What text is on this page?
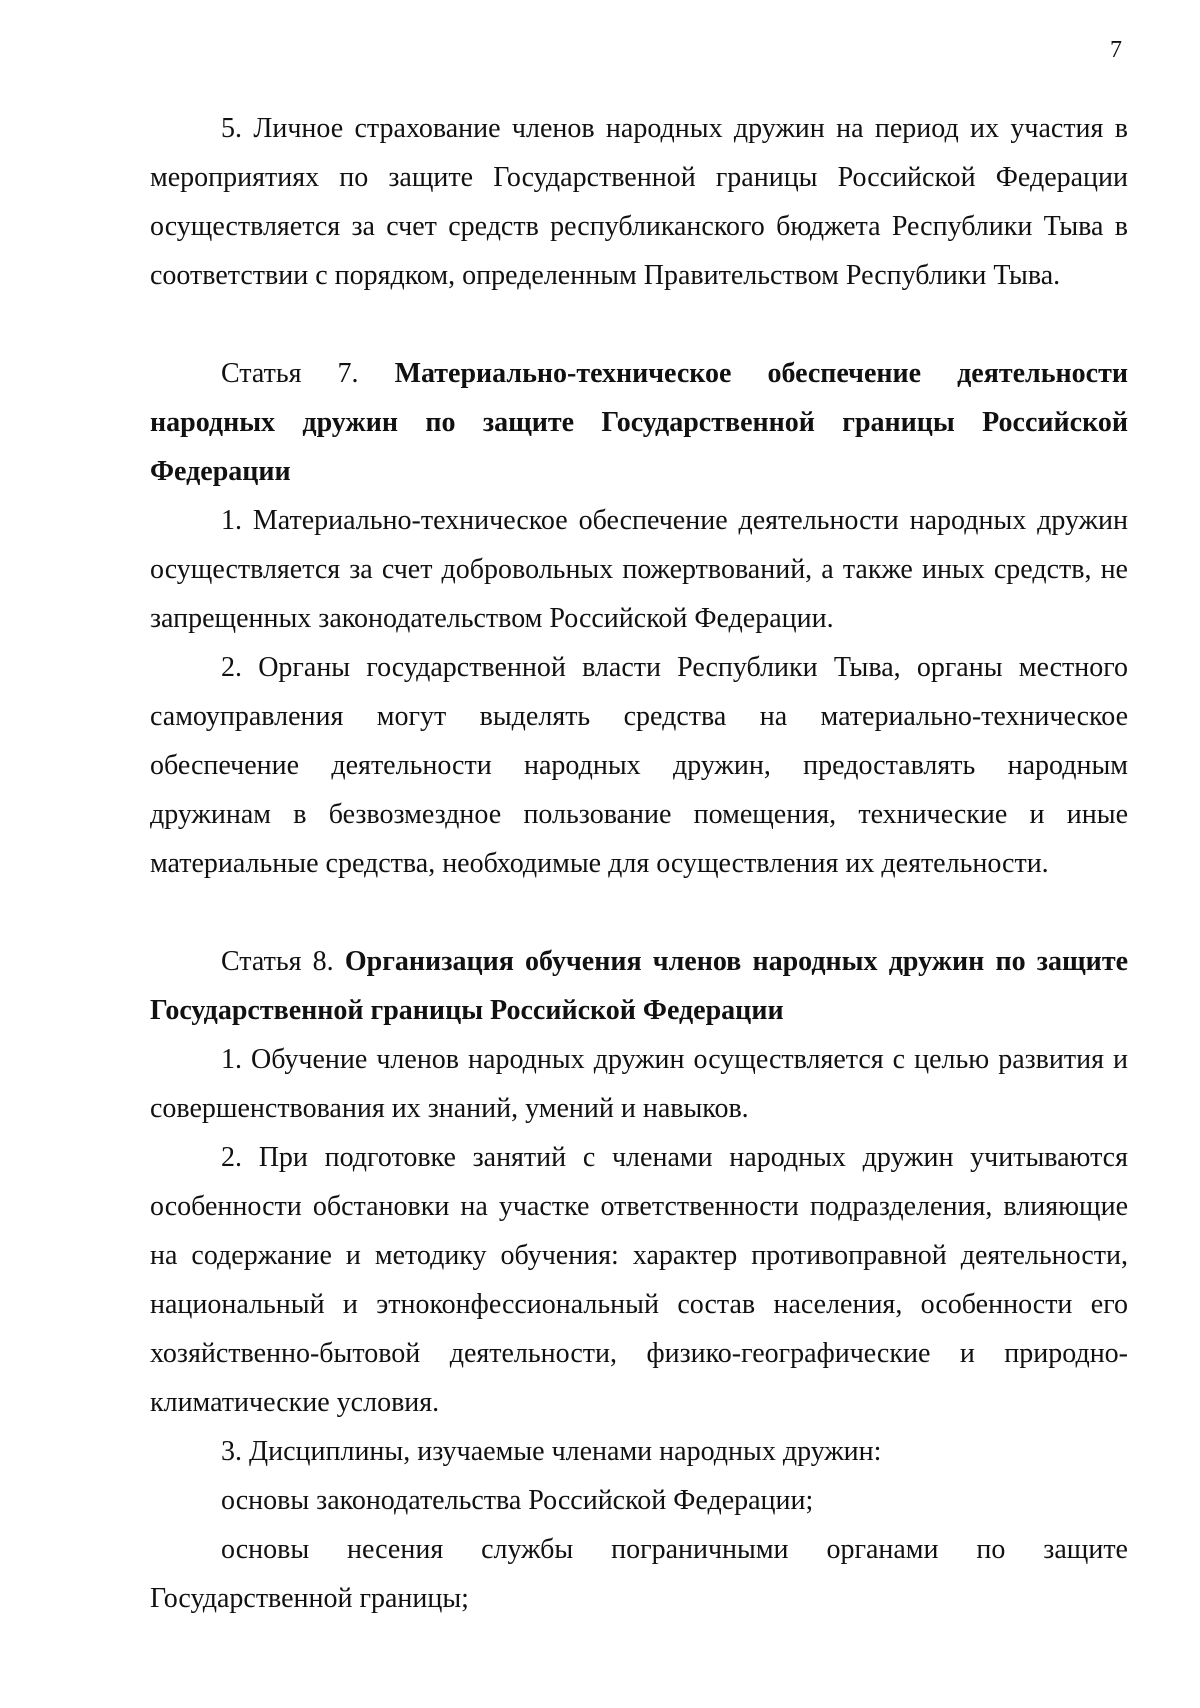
7

5. Личное страхование членов народных дружин на период их участия в мероприятиях по защите Государственной границы Российской Федерации осуществляется за счет средств республиканского бюджета Республики Тыва в соответствии с порядком, определенным Правительством Республики Тыва.

Статья 7. Материально-техническое обеспечение деятельности народных дружин по защите Государственной границы Российской Федерации

1. Материально-техническое обеспечение деятельности народных дружин осуществляется за счет добровольных пожертвований, а также иных средств, не запрещенных законодательством Российской Федерации.

2. Органы государственной власти Республики Тыва, органы местного самоуправления могут выделять средства на материально-техническое обеспечение деятельности народных дружин, предоставлять народным дружинам в безвозмездное пользование помещения, технические и иные материальные средства, необходимые для осуществления их деятельности.

Статья 8. Организация обучения членов народных дружин по защите Государственной границы Российской Федерации

1. Обучение членов народных дружин осуществляется с целью развития и совершенствования их знаний, умений и навыков.

2. При подготовке занятий с членами народных дружин учитываются особенности обстановки на участке ответственности подразделения, влияющие на содержание и методику обучения: характер противоправной деятельности, национальный и этноконфессиональный состав населения, особенности его хозяйственно-бытовой деятельности, физико-географические и природно-климатические условия.

3. Дисциплины, изучаемые членами народных дружин:

основы законодательства Российской Федерации;

основы несения службы пограничными органами по защите Государственной границы;
